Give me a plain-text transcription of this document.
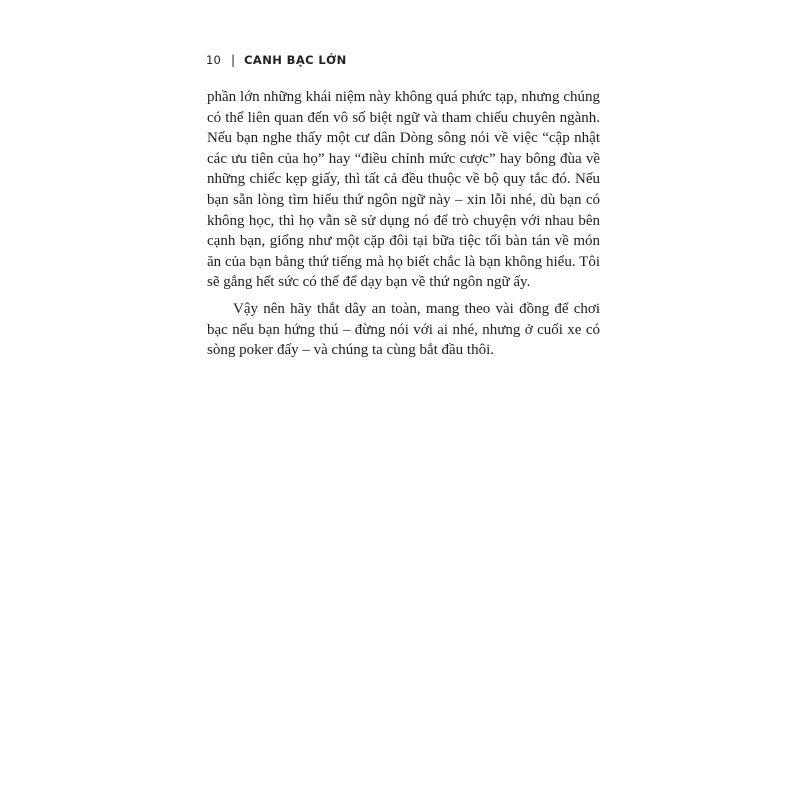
10 | CANH BẠC LỚN

phần lớn những khái niệm này không quá phức tạp, nhưng chúng có thể liên quan đến vô số biệt ngữ và tham chiếu chuyên ngành. Nếu bạn nghe thấy một cư dân Dòng sông nói về việc “cập nhật các ưu tiên của họ” hay “điều chỉnh mức cược” hay bông đùa về những chiếc kẹp giấy, thì tất cả đều thuộc về bộ quy tắc đó. Nếu bạn sẵn lòng tìm hiểu thứ ngôn ngữ này – xin lỗi nhé, dù bạn có không học, thì họ vẫn sẽ sử dụng nó để trò chuyện với nhau bên cạnh bạn, giống như một cặp đôi tại bữa tiệc tối bàn tán về món ăn của bạn bằng thứ tiếng mà họ biết chắc là bạn không hiểu. Tôi sẽ gắng hết sức có thể để dạy bạn về thứ ngôn ngữ ấy.

Vậy nên hãy thắt dây an toàn, mang theo vài đồng để chơi bạc nếu bạn hứng thú – đừng nói với ai nhé, nhưng ở cuối xe có sòng poker đấy – và chúng ta cùng bắt đầu thôi.
